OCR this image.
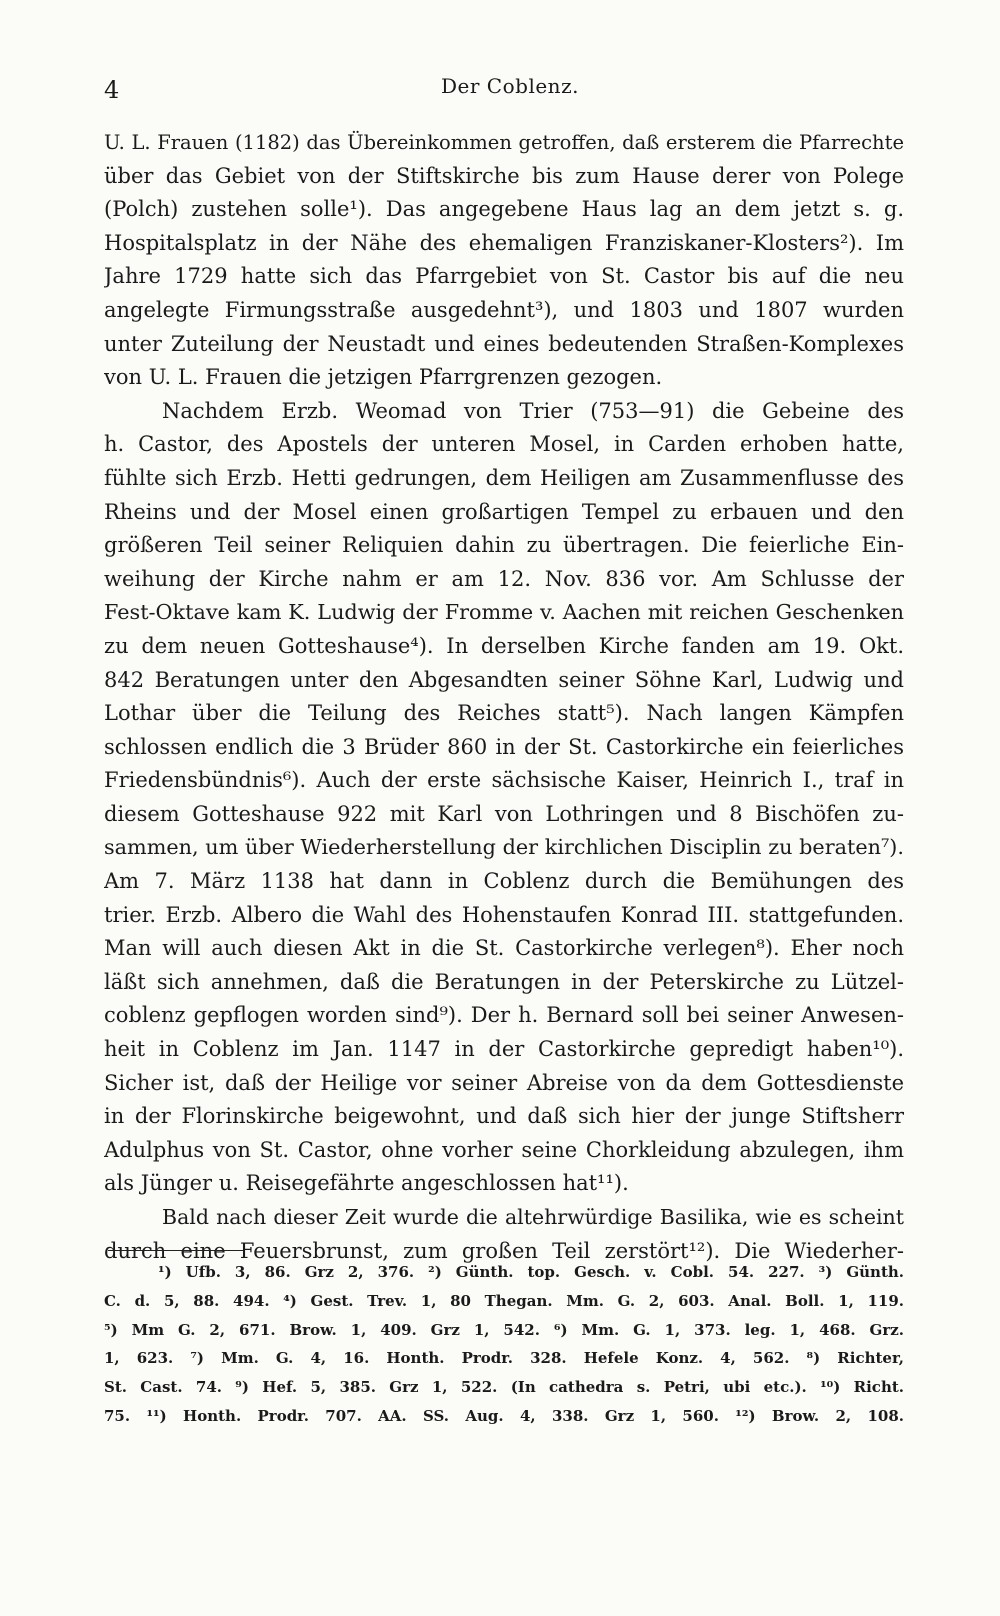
4	Der Coblenz.
U. L. Frauen (1182) das Übereinkommen getroffen, daß ersterem die Pfarrechte
über das Gebiet von der Stiftskirche bis zum Hause derer von Polege
(Polch) zustehen solle¹). Das angegebene Haus lag an dem jetzt s. g.
Hospitalsplatz in der Nähe des ehemaligen Franziskaner-Klosters²). Im
Jahre 1729 hatte sich das Pfarrgebiet von St. Castor bis auf die neu
angelegte Firmungsstraße ausgedehnt³), und 1803 und 1807 wurden
unter Zuteilung der Neustadt und eines bedeutenden Straßen-Komplexes
von U. L. Frauen die jetzigen Pfarrgrenzen gezogen.
Nachdem Erzb. Weomad von Trier (753—91) die Gebeine des
h. Castor, des Apostels der unteren Mosel, in Carden erhoben hatte,
fühlte sich Erzb. Hetti gedrungen, dem Heiligen am Zusammenflusse des
Rheins und der Mosel einen großartigen Tempel zu erbauen und den
größeren Teil seiner Reliquien dahin zu übertragen. Die feierliche Ein-
weihung der Kirche nahm er am 12. Nov. 836 vor. Am Schlusse der
Fest-Oktave kam K. Ludwig der Fromme v. Aachen mit reichen Geschenken
zu dem neuen Gotteshause⁴). In derselben Kirche fanden am 19. Okt.
842 Beratungen unter den Abgesandten seiner Söhne Karl, Ludwig und
Lothar über die Teilung des Reiches statt⁵). Nach langen Kämpfen
schlossen endlich die 3 Brüder 860 in der St. Castorkirche ein feierliches
Friedensbündnis⁶). Auch der erste sächsische Kaiser, Heinrich I., traf in
diesem Gotteshause 922 mit Karl von Lothringen und 8 Bischöfen zu-
sammen, um über Wiederherstellung der kirchlichen Disciplin zu beraten⁷).
Am 7. März 1138 hat dann in Coblenz durch die Bemühungen des
trier. Erzb. Albero die Wahl des Hohenstaufen Konrad III. stattgefunden.
Man will auch diesen Akt in die St. Castorkirche verlegen⁸). Eher noch
läßt sich annehmen, daß die Beratungen in der Peterskirche zu Lützel-
coblenz gepflogen worden sind⁹). Der h. Bernard soll bei seiner Anwesen-
heit in Coblenz im Jan. 1147 in der Castorkirche gepredigt haben¹⁰).
Sicher ist, daß der Heilige vor seiner Abreise von da dem Gottesdienste
in der Florinskirche beigewohnt, und daß sich hier der junge Stiftsherr
Adulphus von St. Castor, ohne vorher seine Chorkleidung abzulegen, ihm
als Jünger u. Reisegefährte angeschlossen hat¹¹).
Bald nach dieser Zeit wurde die altehrwürdige Basilika, wie es scheint
durch eine Feuersbrunst, zum großen Teil zerstört¹²). Die Wiederher-
¹) Ufb. 3, 86. Grz 2, 376. ²) Günth. top. Gesch. v. Cobl. 54. 227. ³) Günth.
C. d. 5, 88. 494. ⁴) Gest. Trev. 1, 80 Thegan. Mm. G. 2, 603. Anal. Boll. 1, 119.
⁵) Mm G. 2, 671. Brow. 1, 409. Grz 1, 542. ⁶) Mm. G. 1, 373. leg. 1, 468. Grz.
1, 623. ⁷) Mm. G. 4, 16. Honth. Prodr. 328. Hefele Konz. 4, 562. ⁸) Richter,
St. Cast. 74. ⁹) Hef. 5, 385. Grz 1, 522. (In cathedra s. Petri, ubi etc.). ¹⁰) Richt.
75. ¹¹) Honth. Prodr. 707. AA. SS. Aug. 4, 338. Grz 1, 560. ¹²) Brow. 2, 108.
